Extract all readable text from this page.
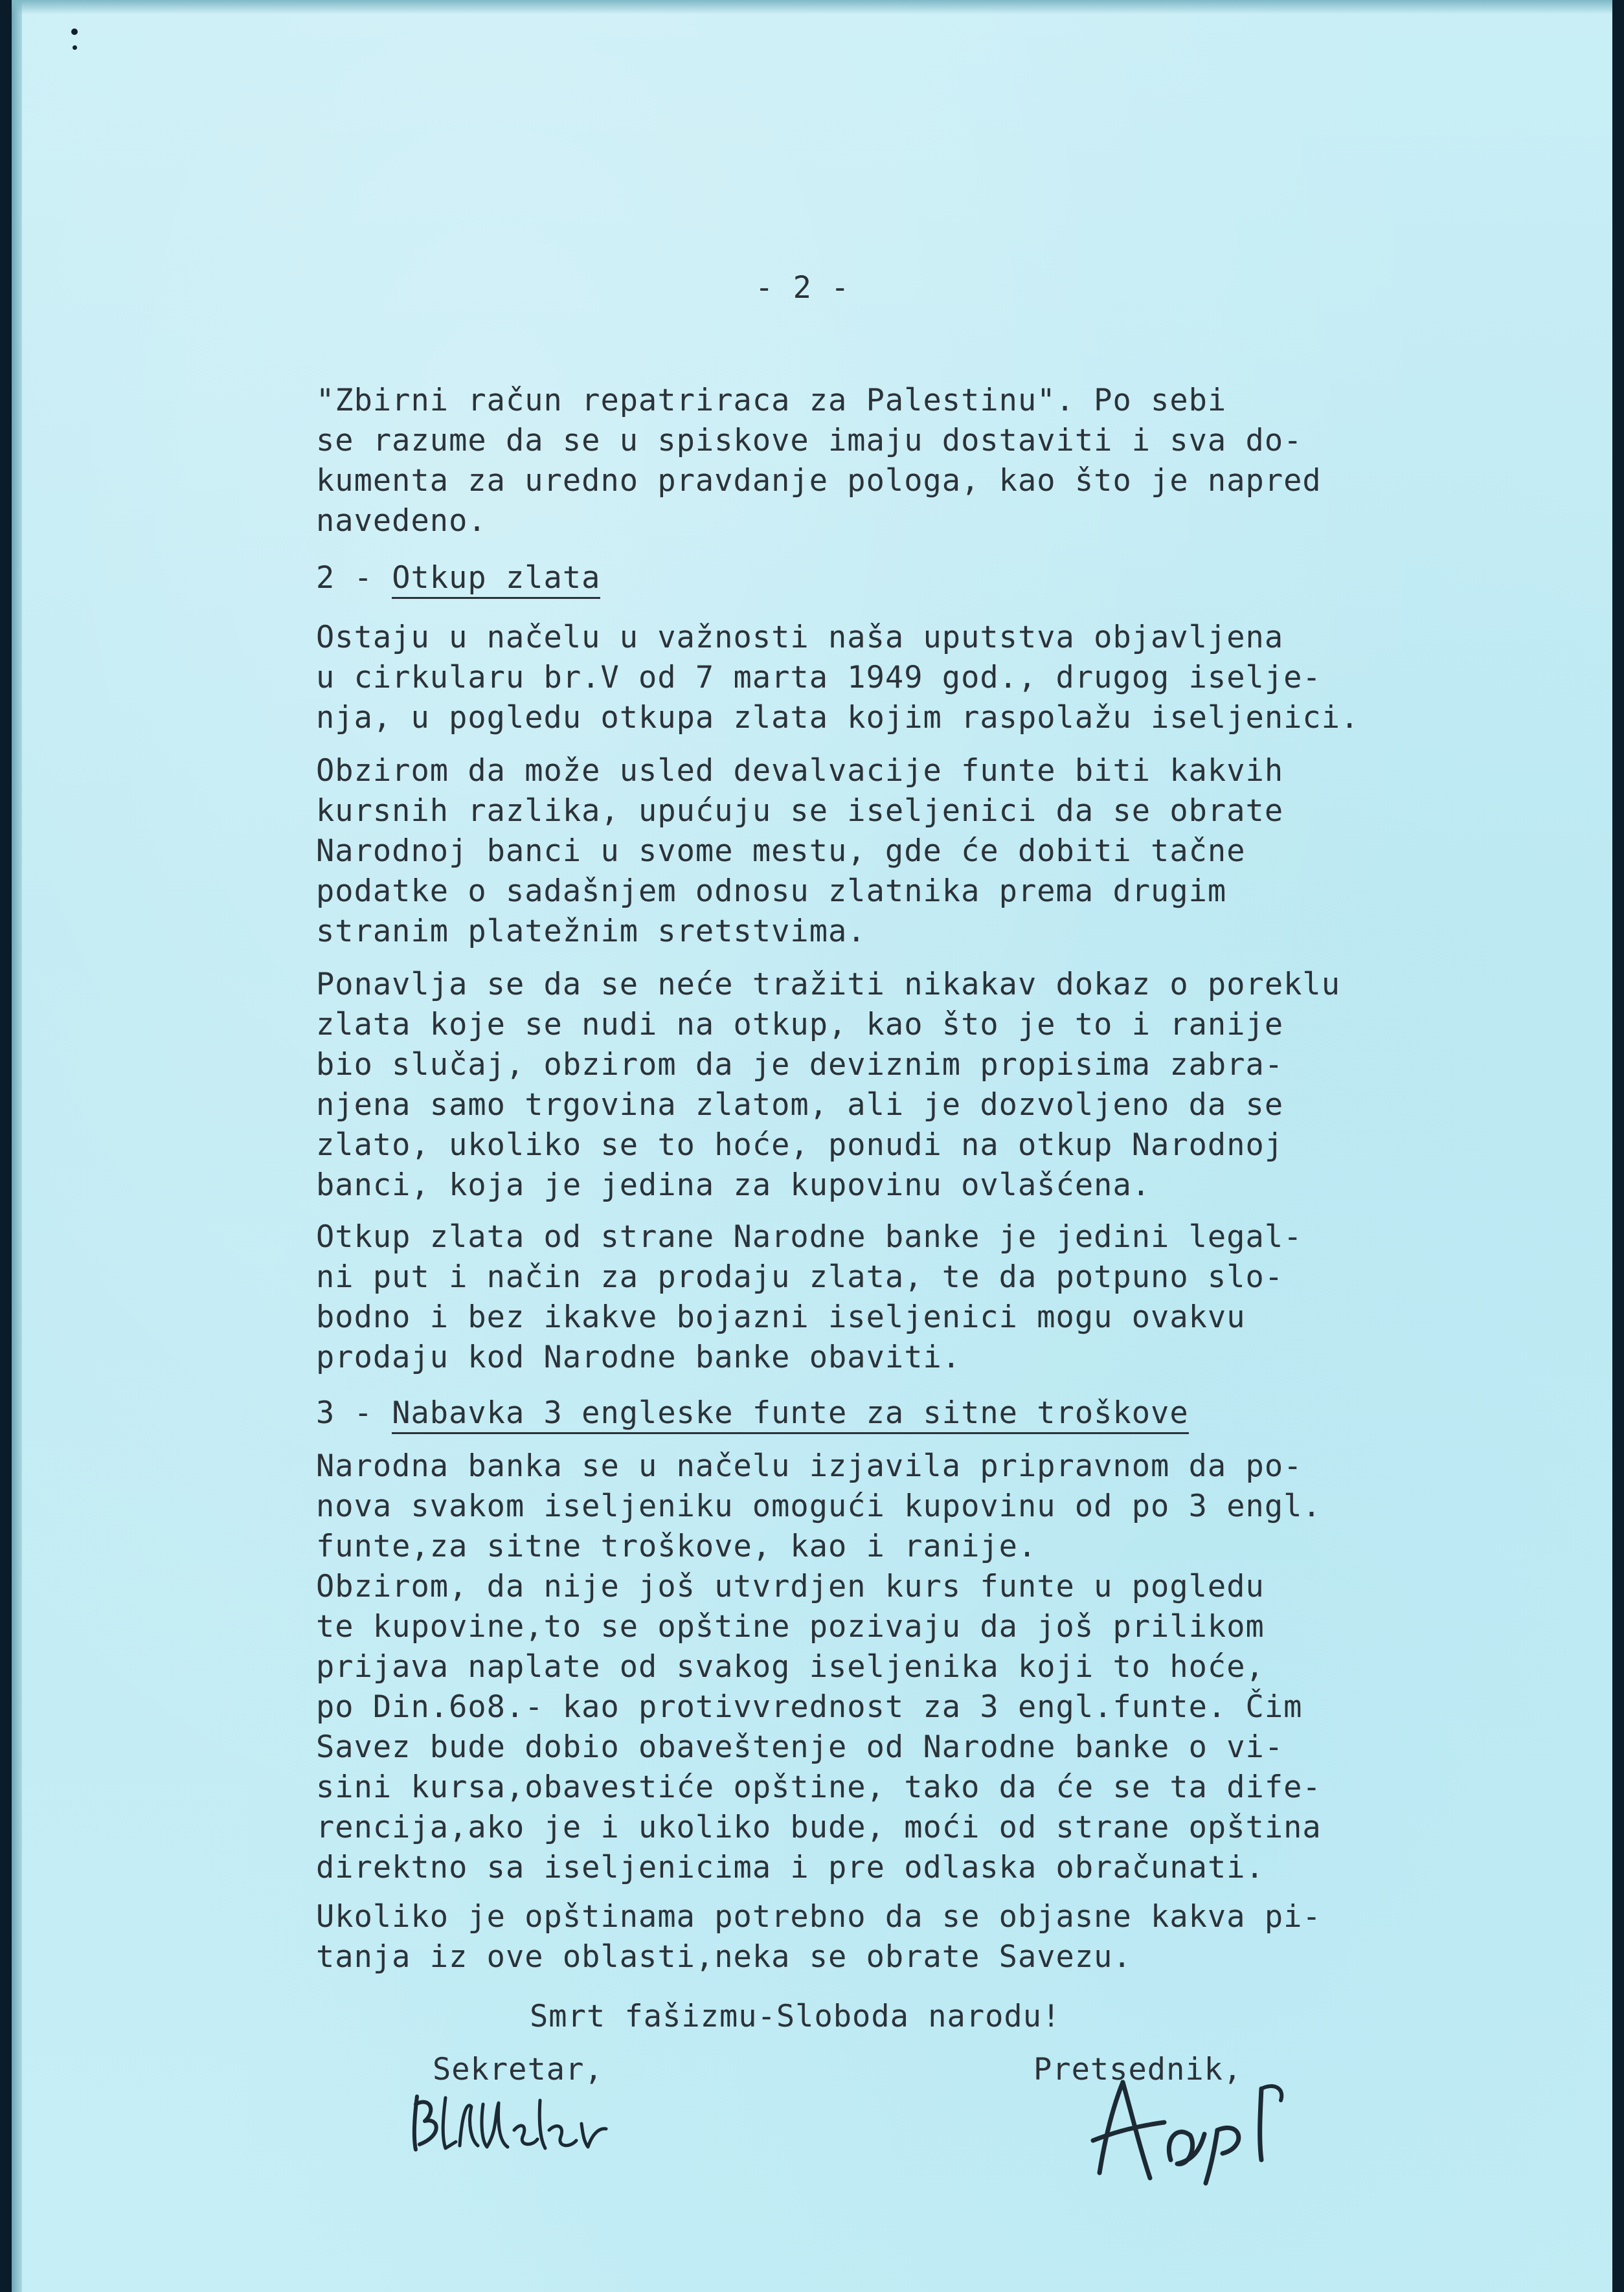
- 2 -
"Zbirni račun repatriraca za Palestinu". Po sebi
se razume da se u spiskove imaju dostaviti i sva do-
kumenta za uredno pravdanje pologa, kao što je napred
navedeno.
2 - Otkup zlata
Ostaju u načelu u važnosti naša uputstva objavljena
u cirkularu br.V od 7 marta 1949 god., drugog iselje-
nja, u pogledu otkupa zlata kojim raspolažu iseljenici.
Obzirom da može usled devalvacije funte biti kakvih
kursnih razlika, upućuju se iseljenici da se obrate
Narodnoj banci u svome mestu, gde će dobiti tačne
podatke o sadašnjem odnosu zlatnika prema drugim
stranim platežnim sretstvima.
Ponavlja se da se neće tražiti nikakav dokaz o poreklu
zlata koje se nudi na otkup, kao što je to i ranije
bio slučaj, obzirom da je deviznim propisima zabra-
njena samo trgovina zlatom, ali je dozvoljeno da se
zlato, ukoliko se to hoće, ponudi na otkup Narodnoj
banci, koja je jedina za kupovinu ovlašćena.
Otkup zlata od strane Narodne banke je jedini legal-
ni put i način za prodaju zlata, te da potpuno slo-
bodno i bez ikakve bojazni iseljenici mogu ovakvu
prodaju kod Narodne banke obaviti.
3 - Nabavka 3 engleske funte za sitne troškove
Narodna banka se u načelu izjavila pripravnom da po-
nova svakom iseljeniku omogući kupovinu od po 3 engl.
funte,za sitne troškove, kao i ranije.
Obzirom, da nije još utvrdjen kurs funte u pogledu
te kupovine,to se opštine pozivaju da još prilikom
prijava naplate od svakog iseljenika koji to hoće,
po Din.6o8.- kao protivvrednost za 3 engl.funte. Čim
Savez bude dobio obaveštenje od Narodne banke o vi-
sini kursa,obavestiće opštine, tako da će se ta dife-
rencija,ako je i ukoliko bude, moći od strane opština
direktno sa iseljenicima i pre odlaska obračunati.
Ukoliko je opštinama potrebno da se objasne kakva pi-
tanja iz ove oblasti,neka se obrate Savezu.
Smrt fašizmu-Sloboda narodu!
Sekretar,	Pretsednik,
